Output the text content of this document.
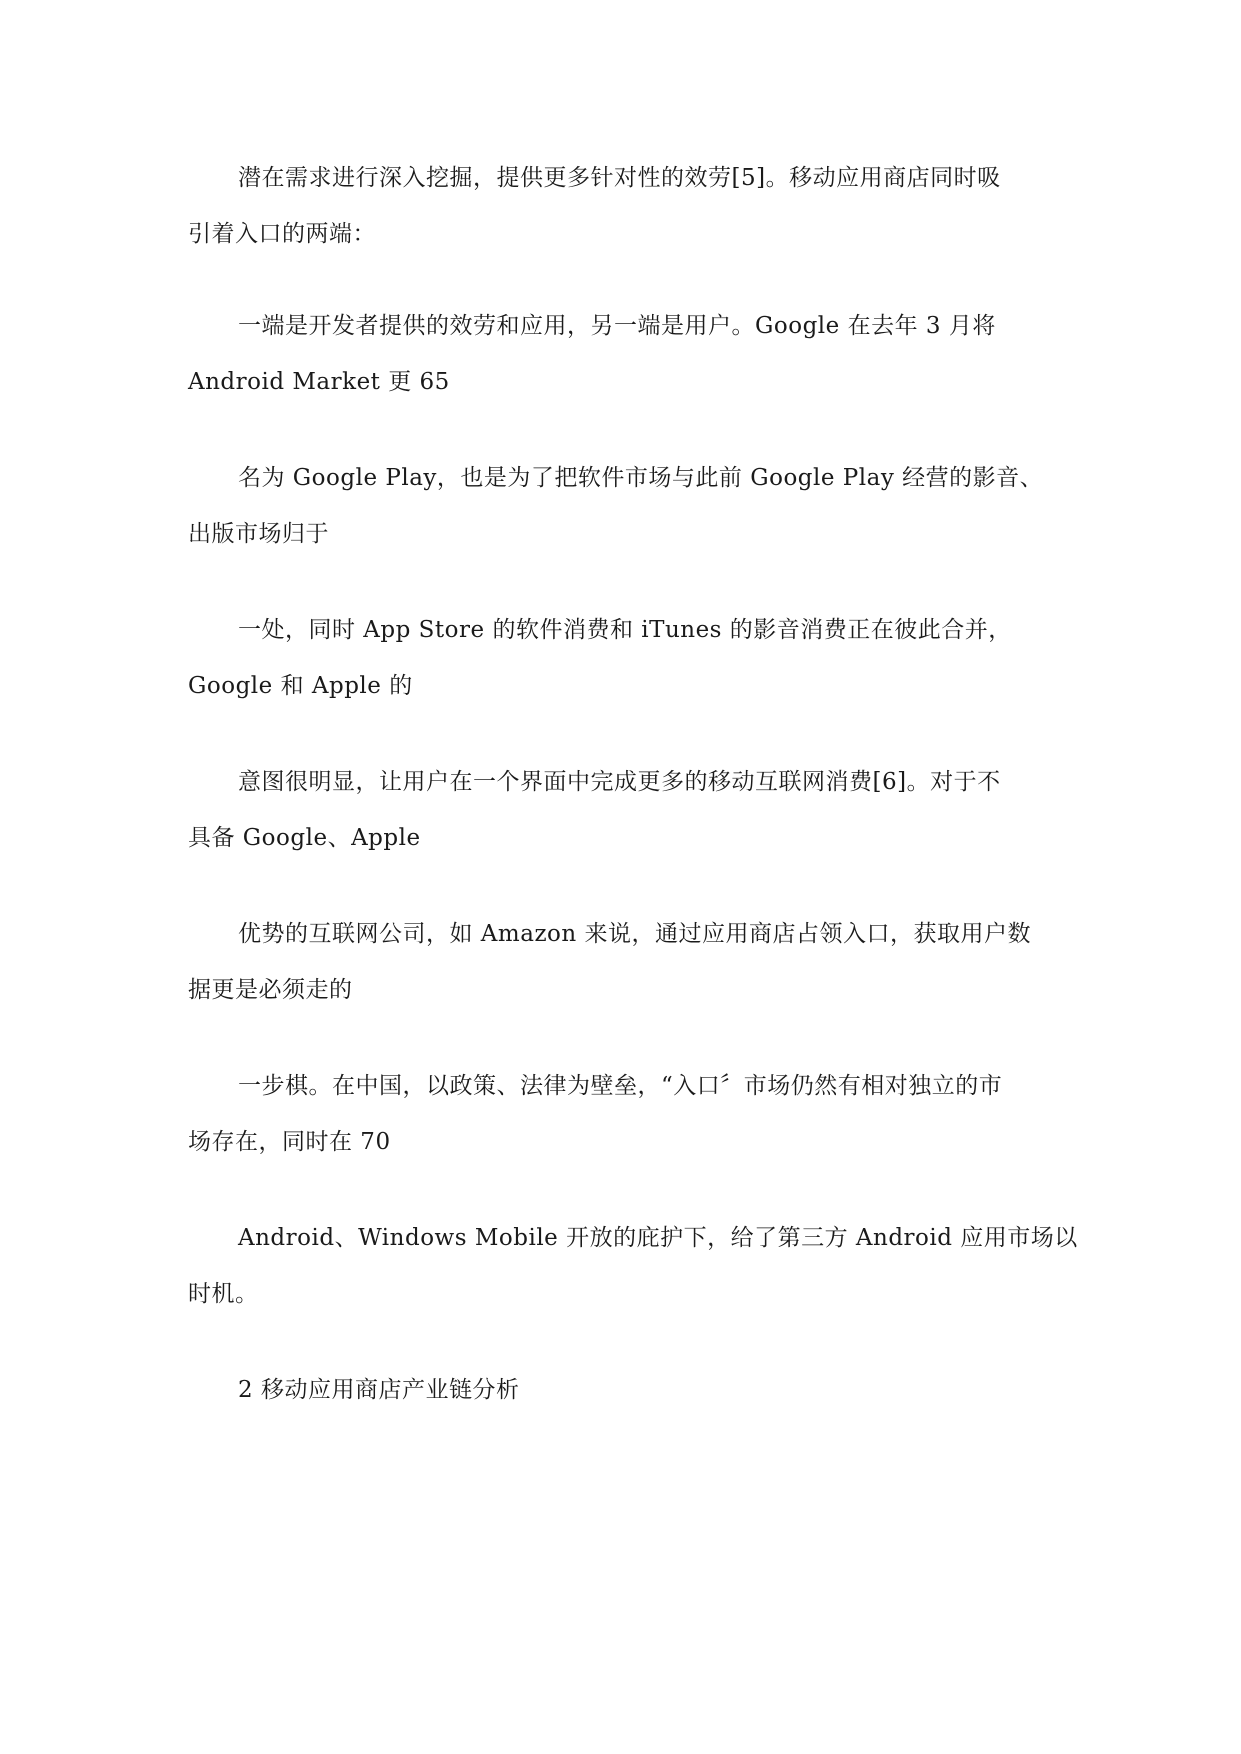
潜在需求进行深入挖掘，提供更多针对性的效劳[5]。移动应用商店同时吸
引着入口的两端：

一端是开发者提供的效劳和应用，另一端是用户。Google 在去年 3 月将
Android Market 更 65

名为 Google Play，也是为了把软件市场与此前 Google Play 经营的影音、
出版市场归于

一处，同时 App Store 的软件消费和 iTunes 的影音消费正在彼此合并，
Google 和 Apple 的

意图很明显，让用户在一个界面中完成更多的移动互联网消费[6]。对于不
具备 Google、Apple

优势的互联网公司，如 Amazon 来说，通过应用商店占领入口，获取用户数
据更是必须走的

一步棋。在中国，以政策、法律为壁垒，“入口〞市场仍然有相对独立的市
场存在，同时在 70

Android、Windows Mobile 开放的庇护下，给了第三方 Android 应用市场以
时机。

2 移动应用商店产业链分析
